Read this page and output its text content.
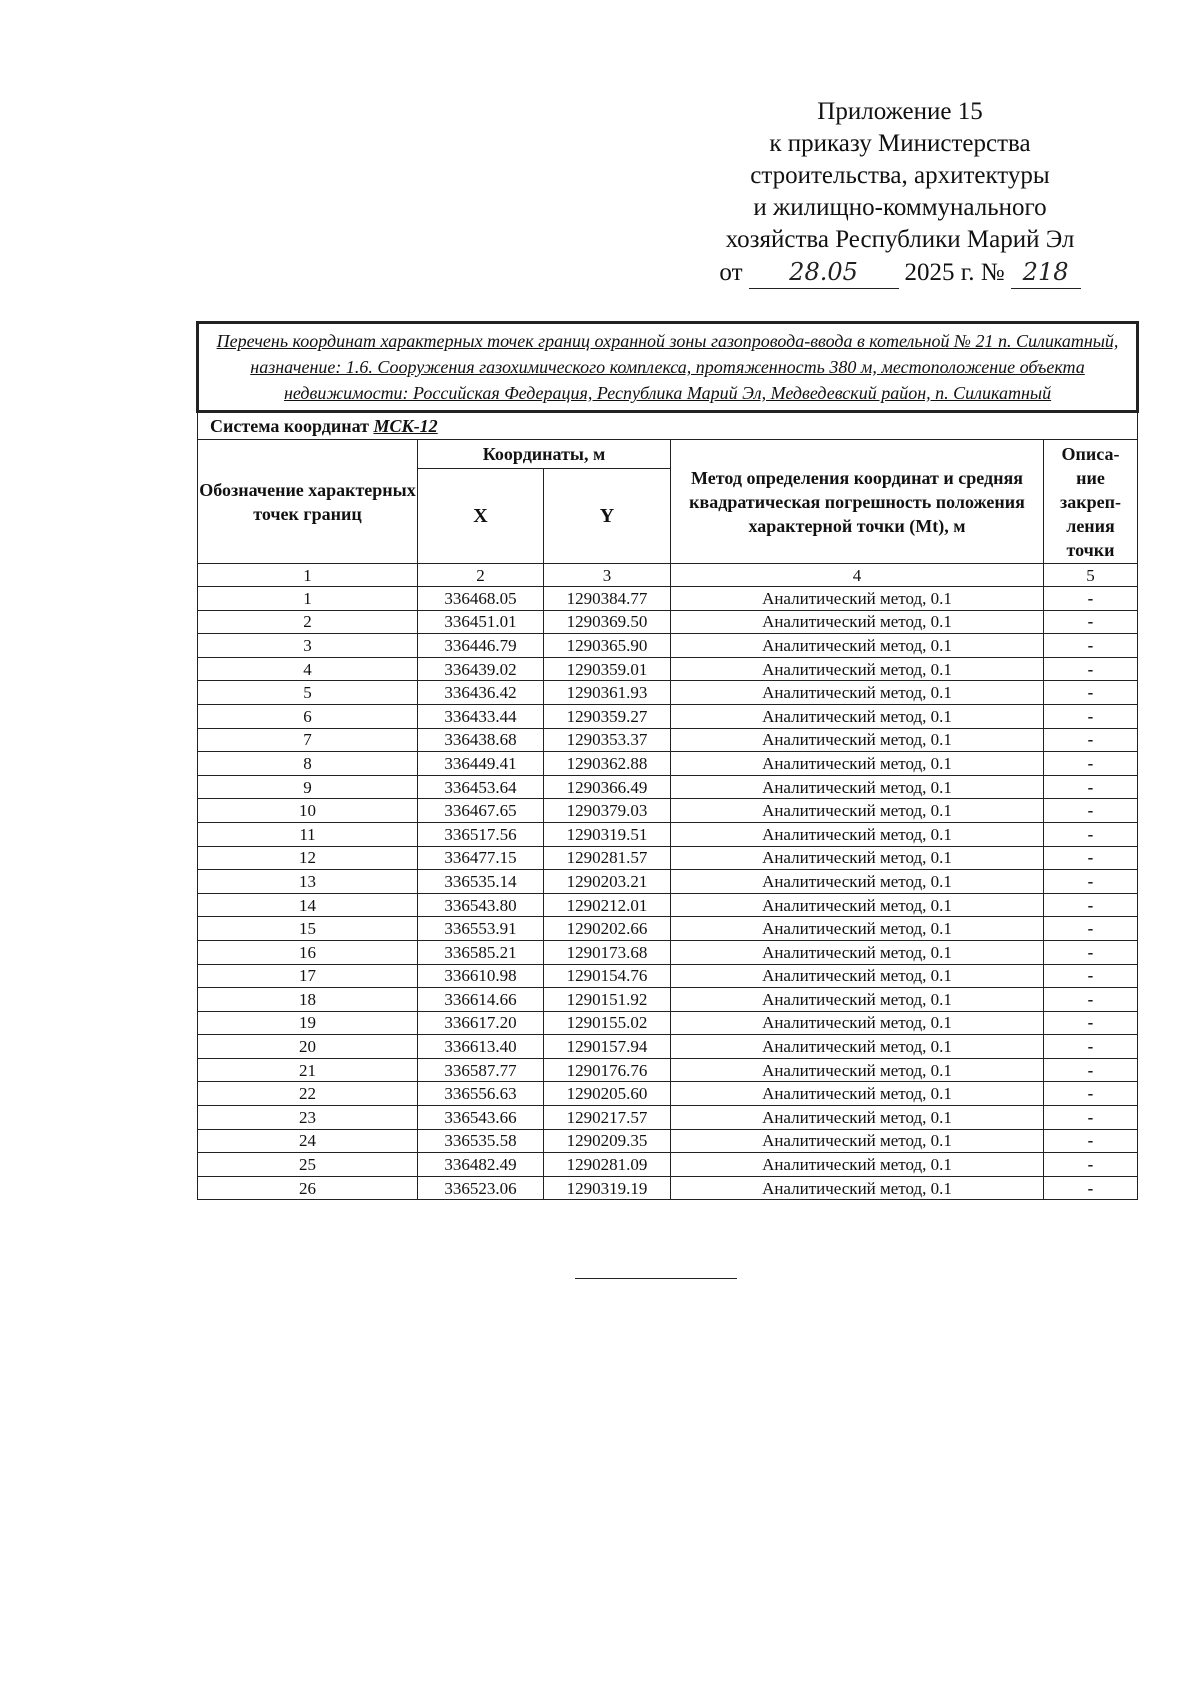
Приложение 15
к приказу Министерства
строительства, архитектуры
и жилищно-коммунального
хозяйства Республики Марий Эл
от	28.05	2025 г. № 218
Перечень координат характерных точек границ охранной зоны газопровода-ввода в котельной № 21 п. Силикатный, назначение: 1.6. Сооружения газохимического комплекса, протяженность 380 м, местоположение объекта недвижимости: Российская Федерация, Республика Марий Эл, Медведевский район, п. Силикатный				
Система координат МСК-12				
Обозначение характерных точек границ	Координаты, м		Метод определения координат и средняя квадратическая погрешность положения характерной точки (Mt), м	Описа-ние закреп-ления точки
	X	Y		
1	2	3	4	5
1	336468.05	1290384.77	Аналитический метод, 0.1	-
2	336451.01	1290369.50	Аналитический метод, 0.1	-
3	336446.79	1290365.90	Аналитический метод, 0.1	-
4	336439.02	1290359.01	Аналитический метод, 0.1	-
5	336436.42	1290361.93	Аналитический метод, 0.1	-
6	336433.44	1290359.27	Аналитический метод, 0.1	-
7	336438.68	1290353.37	Аналитический метод, 0.1	-
8	336449.41	1290362.88	Аналитический метод, 0.1	-
9	336453.64	1290366.49	Аналитический метод, 0.1	-
10	336467.65	1290379.03	Аналитический метод, 0.1	-
11	336517.56	1290319.51	Аналитический метод, 0.1	-
12	336477.15	1290281.57	Аналитический метод, 0.1	-
13	336535.14	1290203.21	Аналитический метод, 0.1	-
14	336543.80	1290212.01	Аналитический метод, 0.1	-
15	336553.91	1290202.66	Аналитический метод, 0.1	-
16	336585.21	1290173.68	Аналитический метод, 0.1	-
17	336610.98	1290154.76	Аналитический метод, 0.1	-
18	336614.66	1290151.92	Аналитический метод, 0.1	-
19	336617.20	1290155.02	Аналитический метод, 0.1	-
20	336613.40	1290157.94	Аналитический метод, 0.1	-
21	336587.77	1290176.76	Аналитический метод, 0.1	-
22	336556.63	1290205.60	Аналитический метод, 0.1	-
23	336543.66	1290217.57	Аналитический метод, 0.1	-
24	336535.58	1290209.35	Аналитический метод, 0.1	-
25	336482.49	1290281.09	Аналитический метод, 0.1	-
26	336523.06	1290319.19	Аналитический метод, 0.1	-
